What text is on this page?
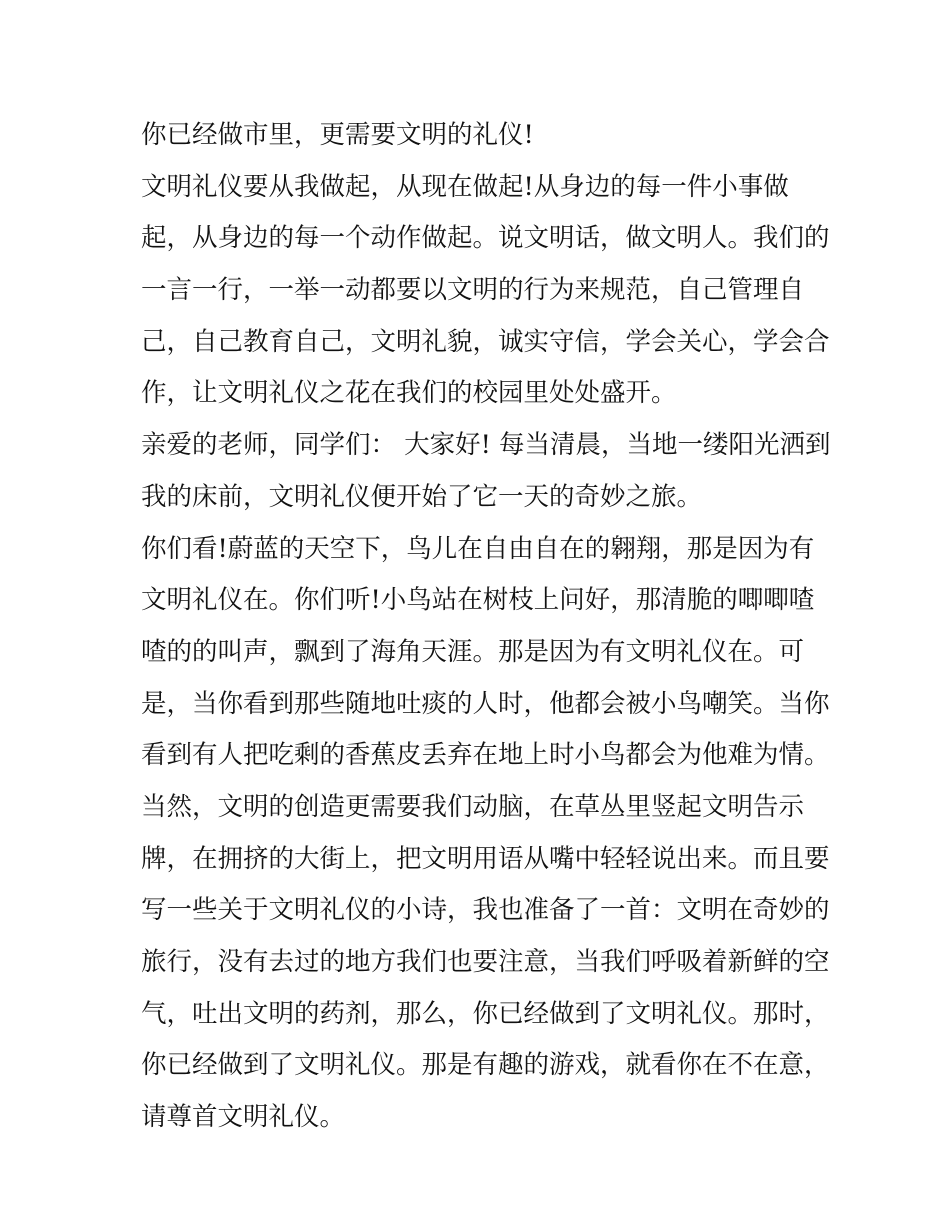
你已经做市里，更需要文明的礼仪!
文明礼仪要从我做起，从现在做起!从身边的每一件小事做
起，从身边的每一个动作做起。说文明话，做文明人。我们的
一言一行，一举一动都要以文明的行为来规范，自己管理自
己，自己教育自己，文明礼貌，诚实守信，学会关心，学会合
作，让文明礼仪之花在我们的校园里处处盛开。
亲爱的老师，同学们： 大家好! 每当清晨，当地一缕阳光洒到
我的床前，文明礼仪便开始了它一天的奇妙之旅。
你们看!蔚蓝的天空下，鸟儿在自由自在的翱翔，那是因为有
文明礼仪在。你们听!小鸟站在树枝上问好，那清脆的唧唧喳
喳的的叫声，飘到了海角天涯。那是因为有文明礼仪在。可
是，当你看到那些随地吐痰的人时，他都会被小鸟嘲笑。当你
看到有人把吃剩的香蕉皮丢弃在地上时小鸟都会为他难为情。
当然，文明的创造更需要我们动脑，在草丛里竖起文明告示
牌，在拥挤的大街上，把文明用语从嘴中轻轻说出来。而且要
写一些关于文明礼仪的小诗，我也准备了一首：文明在奇妙的
旅行，没有去过的地方我们也要注意，当我们呼吸着新鲜的空
气，吐出文明的药剂，那么，你已经做到了文明礼仪。那时，
你已经做到了文明礼仪。那是有趣的游戏，就看你在不在意，
请尊首文明礼仪。
